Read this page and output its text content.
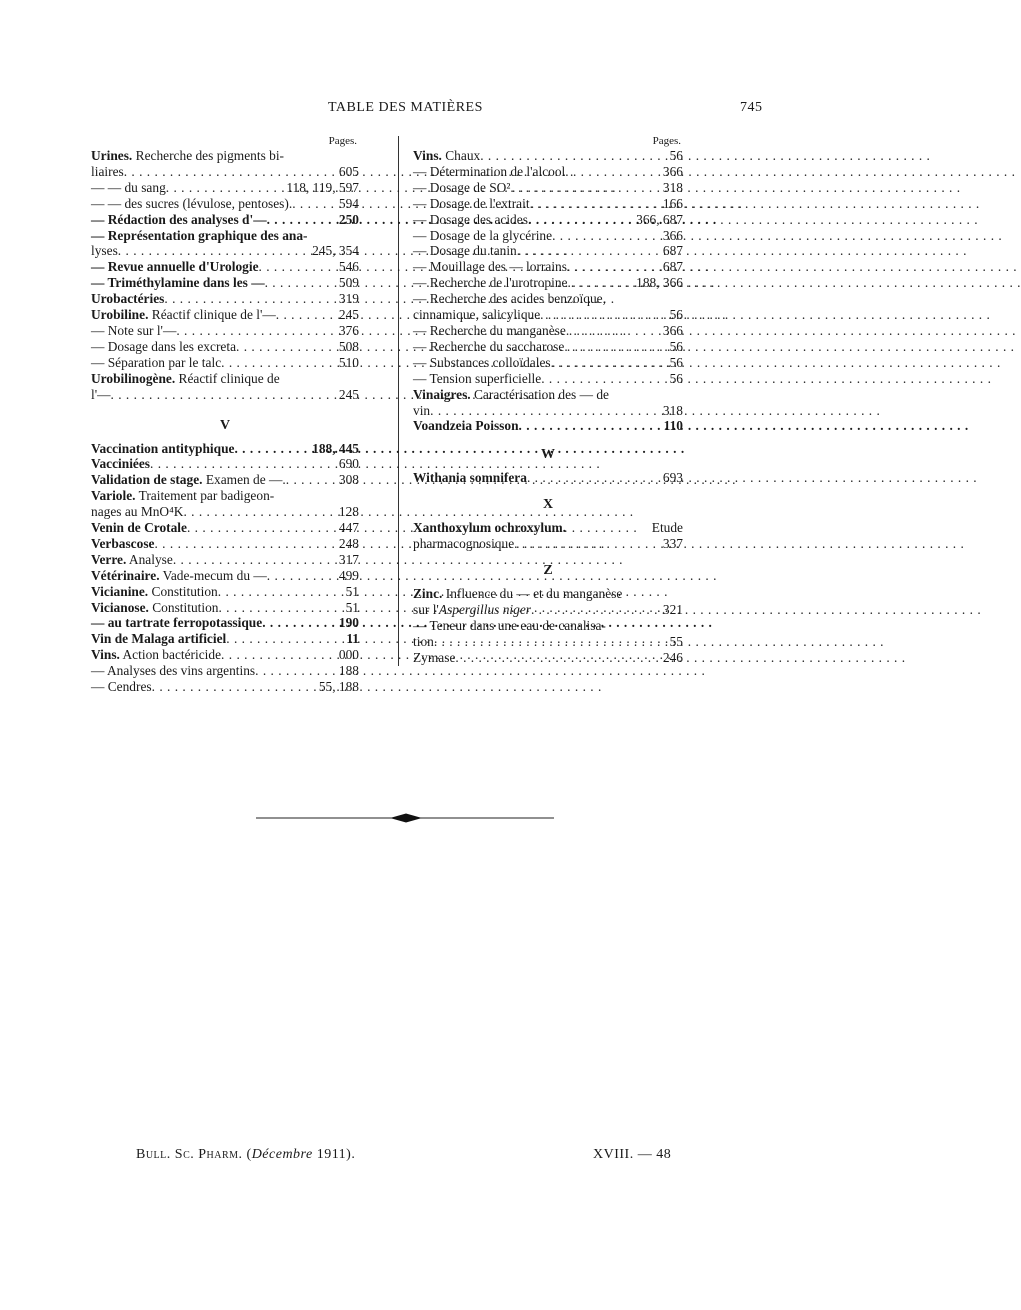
TABLE DES MATIÈRES	745
Pages.
Urines. Recherche des pigments bi-
liaires . . .	605
— — du sang . . .	118, 119, 597
— — des sucres (lévulose, pentoses). . . .	594
— Rédaction des analyses d'— . . .	250
— Représentation graphique des ana-
lyses . . .	245, 354
— Revue annuelle d'Urologie . . .	546
— Triméthylamine dans les — . . .	509
Urobactéries . . .	319
Urobiline. Réactif clinique de l'— . . .	245
— Note sur l'— . . .	376
— Dosage dans les excreta . . .	508
— Séparation par le talc . . .	510
Urobilinogène. Réactif clinique de
l'— . . .	245
V
Vaccination antityphique . . .	188, 445
Vacciniées . . .	690
Validation de stage. Examen de —. . . .	308
Variole. Traitement par badigeon-
nages au MnO⁴K . . .	128
Venin de Crotale . . .	447
Verbascose . . .	248
Verre. Analyse . . .	317
Vétérinaire. Vade-mecum du — . . .	499
Vicianine. Constitution . . .	51
Vicianose. Constitution . . .	51
— au tartrate ferropotassique . . .	190
Vin de Malaga artificiel . . .	11
Vins. Action bactéricide . . .	000
— Analyses des vins argentins . . .	188
— Cendres . . .	55, 188
Pages.
Vins. Chaux . . .	56
— Détermination de l'alcool . . .	366
— Dosage de SO² . . .	318
— Dosage de l'extrait . . .	166
— Dosage des acides . . .	366, 687
— Dosage de la glycérine . . .	366
— Dosage du tanin . . .	687
— Mouillage des — lorrains . . .	687
— Recherche de l'urotropine. . . .	188, 366
— Recherche des acides benzoïque,
cinnamique, salicylique . . .	56
— Recherche du manganèse . . .	366
— Recherche du saccharose . . .	56
— Substances colloïdales . . .	56
— Tension superficielle . . .	56
Vinaigres. Caractérisation des — de
vin . . .	318
Voandzeia Poisson . . .	110
W
Withania somnifera . . .	693
X
Xanthoxylum ochroxylum.	Etude
pharmacognosique . . .	337
Z
Zinc. Influence du — et du manganèse
sur l'Aspergillus niger . . .	321
— Teneur dans une eau de canalisa-
tion . . .	55
Zymase . . .	246
Bull. Sc. Pharm. (Décembre 1911).	XVIII. — 48
